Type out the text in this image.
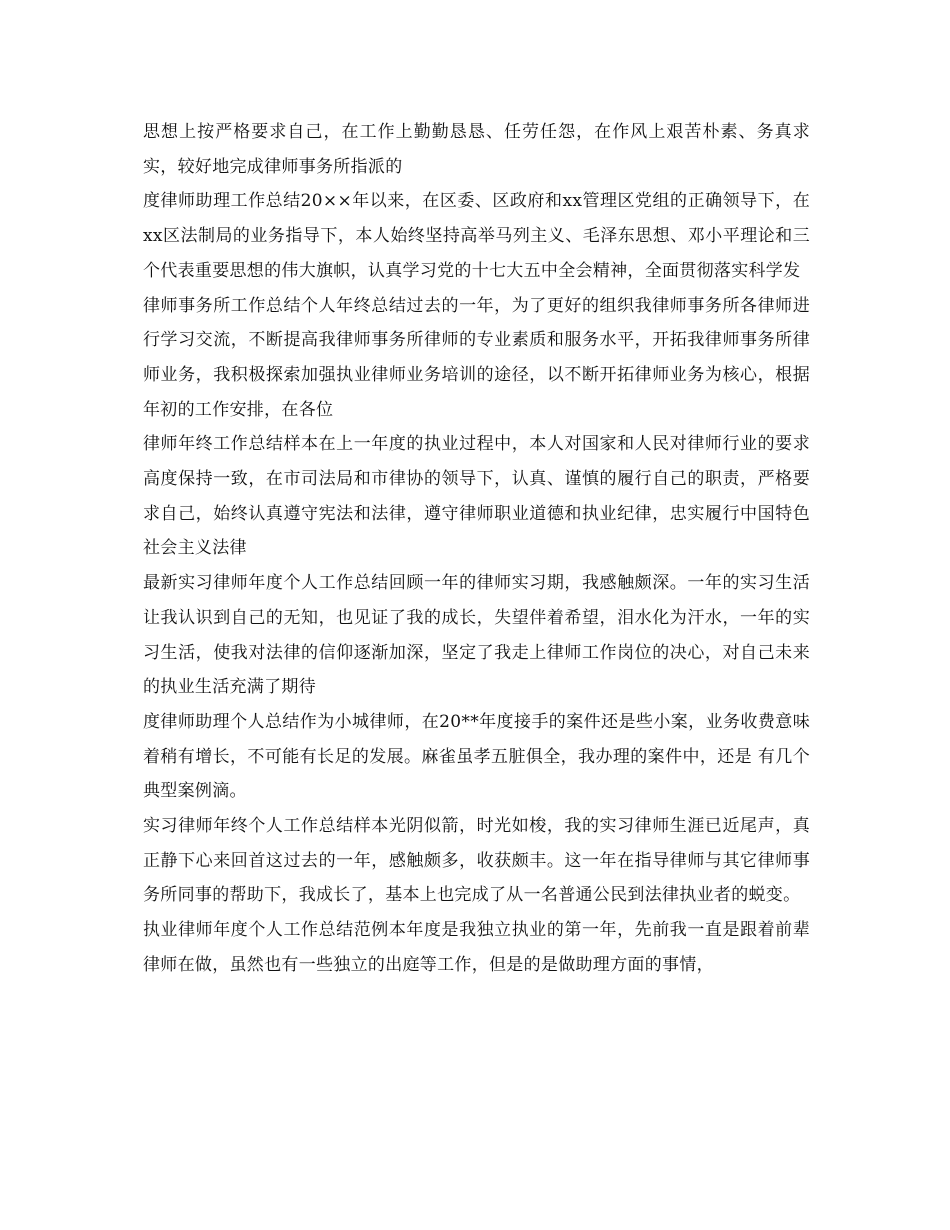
思想上按严格要求自己，在工作上勤勤恳恳、任劳任怨，在作风上艰苦朴素、务真求实，较好地完成律师事务所指派的

度律师助理工作总结20××年以来，在区委、区政府和xx管理区党组的正确领导下，在xx区法制局的业务指导下，本人始终坚持高举马列主义、毛泽东思想、邓小平理论和三个代表重要思想的伟大旗帜，认真学习党的十七大五中全会精神，全面贯彻落实科学发

律师事务所工作总结个人年终总结过去的一年，为了更好的组织我律师事务所各律师进行学习交流，不断提高我律师事务所律师的专业素质和服务水平，开拓我律师事务所律师业务，我积极探索加强执业律师业务培训的途径，以不断开拓律师业务为核心，根据年初的工作安排，在各位

律师年终工作总结样本在上一年度的执业过程中，本人对国家和人民对律师行业的要求高度保持一致，在市司法局和市律协的领导下，认真、谨慎的履行自己的职责，严格要求自己，始终认真遵守宪法和法律，遵守律师职业道德和执业纪律，忠实履行中国特色社会主义法律

最新实习律师年度个人工作总结回顾一年的律师实习期，我感触颇深。一年的实习生活让我认识到自己的无知，也见证了我的成长，失望伴着希望，泪水化为汗水，一年的实习生活，使我对法律的信仰逐渐加深，坚定了我走上律师工作岗位的决心，对自己未来的执业生活充满了期待

度律师助理个人总结作为小城律师，在20**年度接手的案件还是些小案，业务收费意味着稍有增长，不可能有长足的发展。麻雀虽孝五脏俱全，我办理的案件中，还是 有几个典型案例滴。

实习律师年终个人工作总结样本光阴似箭，时光如梭，我的实习律师生涯已近尾声，真正静下心来回首这过去的一年，感触颇多，收获颇丰。这一年在指导律师与其它律师事务所同事的帮助下，我成长了，基本上也完成了从一名普通公民到法律执业者的蜕变。

执业律师年度个人工作总结范例本年度是我独立执业的第一年，先前我一直是跟着前辈律师在做，虽然也有一些独立的出庭等工作，但是的是做助理方面的事情，
